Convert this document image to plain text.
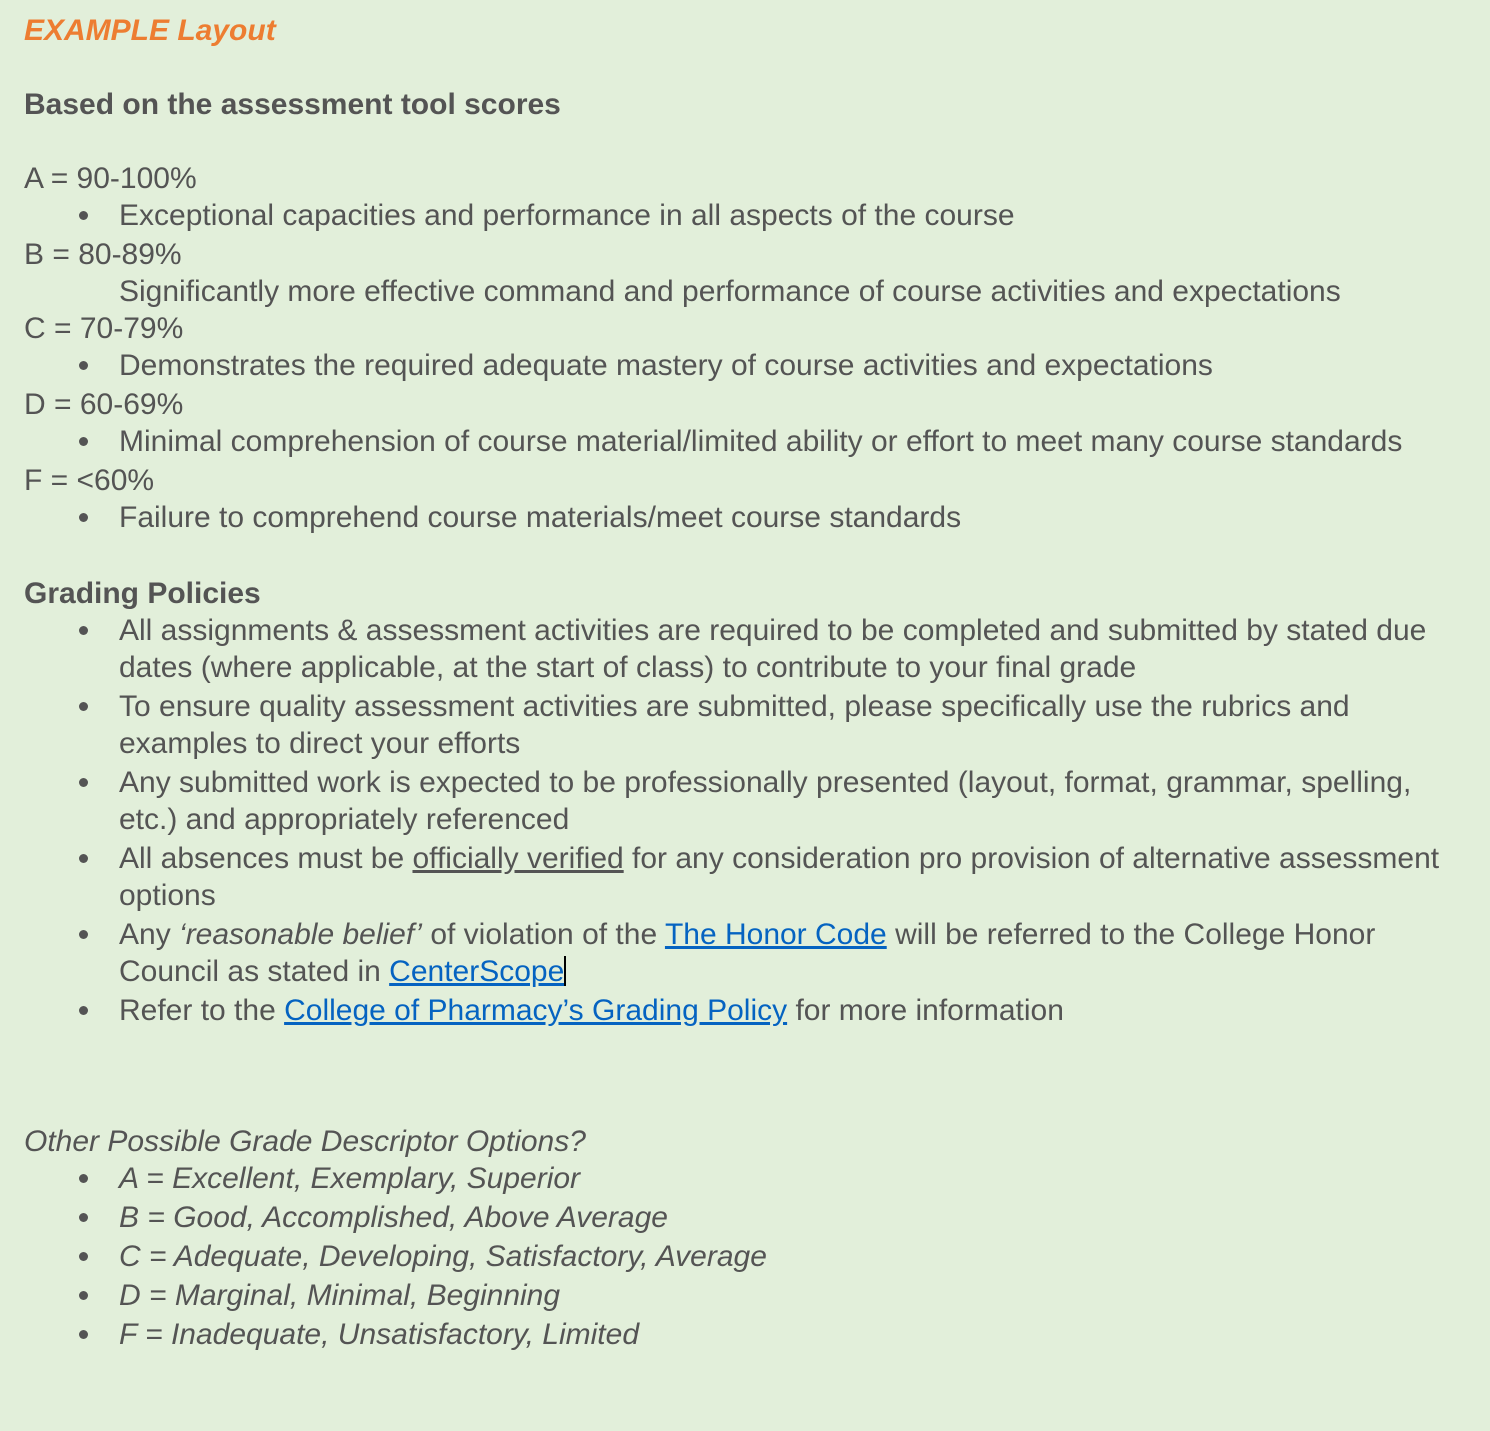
EXAMPLE Layout

Based on the assessment tool scores

A = 90-100%

Exceptional capacities and performance in all aspects of the course

B = 80-89%

Significantly more effective command and performance of course activities and expectations

C = 70-79%

Demonstrates the required adequate mastery of course activities and expectations

D = 60-69%

Minimal comprehension of course material/limited ability or effort to meet many course standards

F = <60%

Failure to comprehend course materials/meet course standards

Grading Policies

All assignments & assessment activities are required to be completed and submitted by stated due dates (where applicable, at the start of class) to contribute to your final grade
To ensure quality assessment activities are submitted, please specifically use the rubrics and examples to direct your efforts
Any submitted work is expected to be professionally presented (layout, format, grammar, spelling, etc.) and appropriately referenced
All absences must be officially verified for any consideration pro provision of alternative assessment options
Any ‘reasonable belief’ of violation of the The Honor Code will be referred to the College Honor Council as stated in CenterScope
Refer to the College of Pharmacy’s Grading Policy for more information

Other Possible Grade Descriptor Options?

A = Excellent, Exemplary, Superior
B = Good, Accomplished, Above Average
C = Adequate, Developing, Satisfactory, Average
D = Marginal, Minimal, Beginning
F = Inadequate, Unsatisfactory, Limited
